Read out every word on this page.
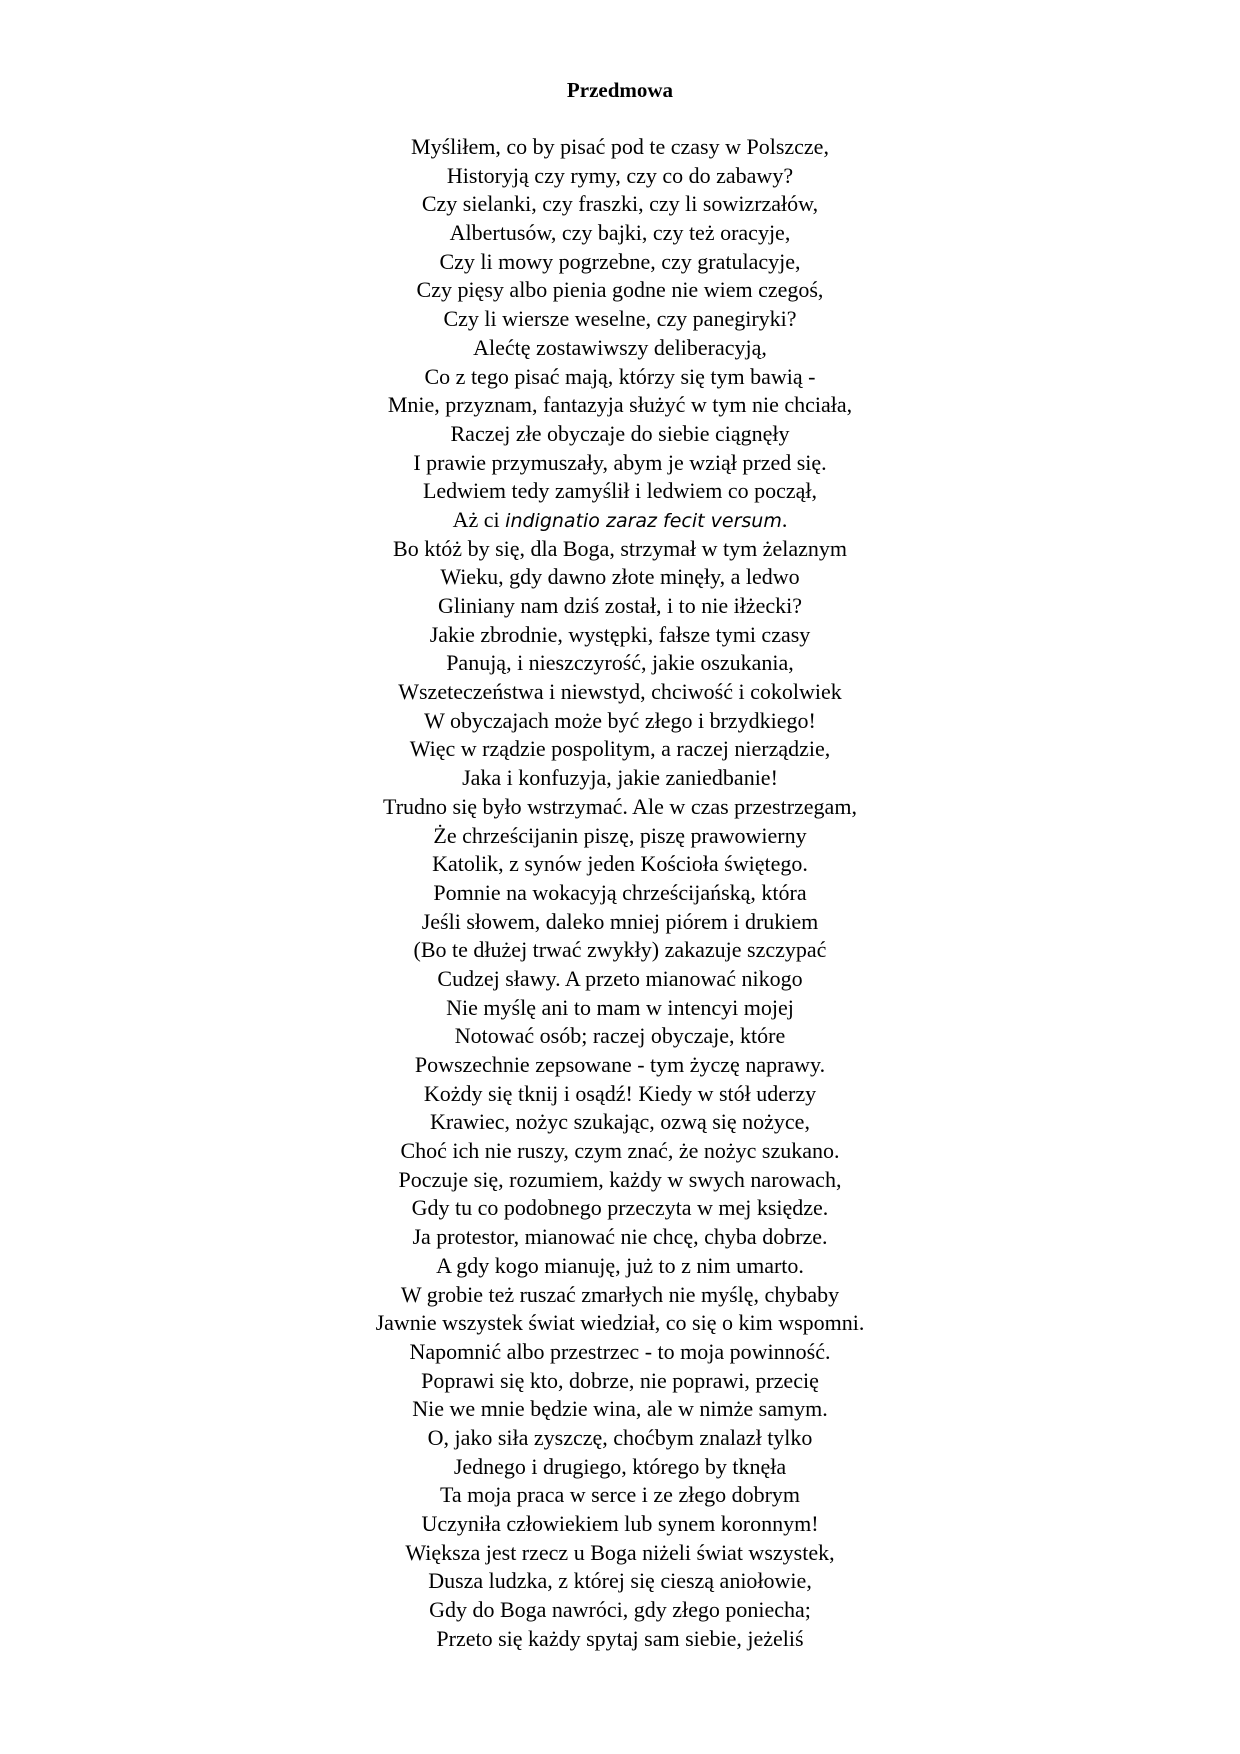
Przedmowa
Myśliłem, co by pisać pod te czasy w Polszcze,
Historyją czy rymy, czy co do zabawy?
Czy sielanki, czy fraszki, czy li sowizrzałów,
Albertusów, czy bajki, czy też oracyje,
Czy li mowy pogrzebne, czy gratulacyje,
Czy pięsy albo pienia godne nie wiem czegoś,
Czy li wiersze weselne, czy panegiryki?
Alećtę zostawiwszy deliberacyją,
Co z tego pisać mają, którzy się tym bawią -
Mnie, przyznam, fantazyja służyć w tym nie chciała,
Raczej złe obyczaje do siebie ciągnęły
I prawie przymuszały, abym je wziął przed się.
Ledwiem tedy zamyślił i ledwiem co począł,
Aż ci indignatio zaraz fecit versum.
Bo któż by się, dla Boga, strzymał w tym żelaznym
Wieku, gdy dawno złote minęły, a ledwo
Gliniany nam dziś został, i to nie iłżecki?
Jakie zbrodnie, występki, fałsze tymi czasy
Panują, i nieszczyrość, jakie oszukania,
Wszeteczeństwa i niewstyd, chciwość i cokolwiek
W obyczajach może być złego i brzydkiego!
Więc w rządzie pospolitym, a raczej nierządzie,
Jaka i konfuzyja, jakie zaniedbanie!
Trudno się było wstrzymać. Ale w czas przestrzegam,
Że chrześcijanin piszę, piszę prawowierny
Katolik, z synów jeden Kościoła świętego.
Pomnie na wokacyją chrześcijańską, która
Jeśli słowem, daleko mniej piórem i drukiem
(Bo te dłużej trwać zwykły) zakazuje szczypać
Cudzej sławy. A przeto mianować nikogo
Nie myślę ani to mam w intencyi mojej
Notować osób; raczej obyczaje, które
Powszechnie zepsowane - tym życzę naprawy.
Kożdy się tknij i osądź! Kiedy w stół uderzy
Krawiec, nożyc szukając, ozwą się nożyce,
Choć ich nie ruszy, czym znać, że nożyc szukano.
Poczuje się, rozumiem, każdy w swych narowach,
Gdy tu co podobnego przeczyta w mej księdze.
Ja protestor, mianować nie chcę, chyba dobrze.
A gdy kogo mianuję, już to z nim umarto.
W grobie też ruszać zmarłych nie myślę, chybaby
Jawnie wszystek świat wiedział, co się o kim wspomni.
Napomnić albo przestrzec - to moja powinność.
Poprawi się kto, dobrze, nie poprawi, przecię
Nie we mnie będzie wina, ale w nimże samym.
O, jako siła zyszczę, choćbym znalazł tylko
Jednego i drugiego, którego by tknęła
Ta moja praca w serce i ze złego dobrym
Uczyniła człowiekiem lub synem koronnym!
Większa jest rzecz u Boga niżeli świat wszystek,
Dusza ludzka, z której się cieszą aniołowie,
Gdy do Boga nawróci, gdy złego poniecha;
Przeto się każdy spytaj sam siebie, jeżeliś
